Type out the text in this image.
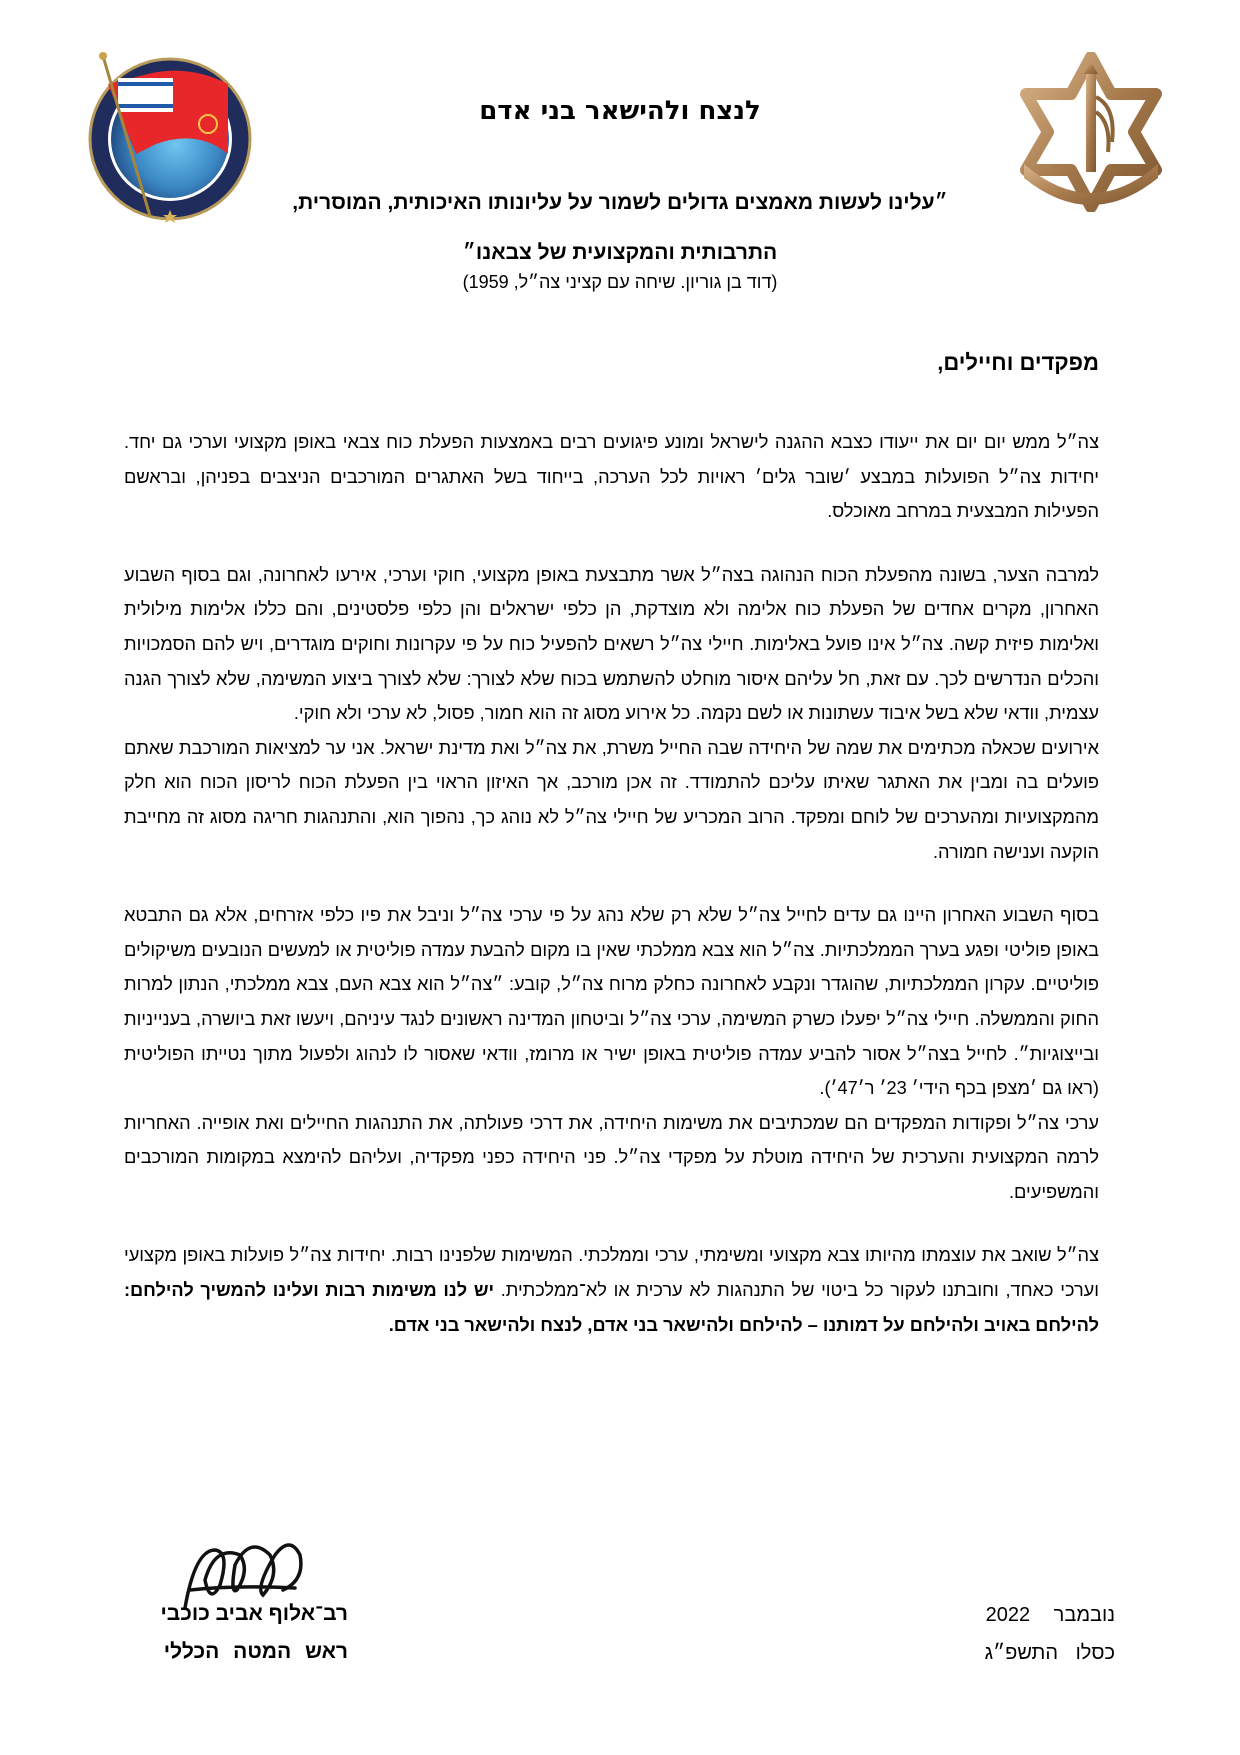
לנצח ולהישאר בני אדם
״עלינו לעשות מאמצים גדולים לשמור על עליונותו האיכותית, המוסרית,
התרבותית והמקצועית של צבאנו״
(דוד בן גוריון. שיחה עם קציני צה״ל, 1959)
מפקדים וחיילים,

צה״ל ממש יום יום את ייעודו כצבא ההגנה לישראל ומונע פיגועים רבים באמצעות הפעלת כוח צבאי באופן מקצועי וערכי גם יחד. יחידות צה״ל הפועלות במבצע ׳שובר גלים׳ ראויות לכל הערכה, בייחוד בשל האתגרים המורכבים הניצבים בפניהן, ובראשם הפעילות המבצעית במרחב מאוכלס.

למרבה הצער, בשונה מהפעלת הכוח הנהוגה בצה״ל אשר מתבצעת באופן מקצועי, חוקי וערכי, אירעו לאחרונה, וגם בסוף השבוע האחרון, מקרים אחדים של הפעלת כוח אלימה ולא מוצדקת, הן כלפי ישראלים והן כלפי פלסטינים, והם כללו אלימות מילולית ואלימות פיזית קשה. צה״ל אינו פועל באלימות. חיילי צה״ל רשאים להפעיל כוח על פי עקרונות וחוקים מוגדרים, ויש להם הסמכויות והכלים הנדרשים לכך. עם זאת, חל עליהם איסור מוחלט להשתמש בכוח שלא לצורך: שלא לצורך ביצוע המשימה, שלא לצורך הגנה עצמית, וודאי שלא בשל איבוד עשתונות או לשם נקמה. כל אירוע מסוג זה הוא חמור, פסול, לא ערכי ולא חוקי.

אירועים שכאלה מכתימים את שמה של היחידה שבה החייל משרת, את צה״ל ואת מדינת ישראל. אני ער למציאות המורכבת שאתם פועלים בה ומבין את האתגר שאיתו עליכם להתמודד. זה אכן מורכב, אך האיזון הראוי בין הפעלת הכוח לריסון הכוח הוא חלק מהמקצועיות ומהערכים של לוחם ומפקד. הרוב המכריע של חיילי צה״ל לא נוהג כך, נהפוך הוא, והתנהגות חריגה מסוג זה מחייבת הוקעה וענישה חמורה.

בסוף השבוע האחרון היינו גם עדים לחייל צה״ל שלא רק שלא נהג על פי ערכי צה״ל וניבל את פיו כלפי אזרחים, אלא גם התבטא באופן פוליטי ופגע בערך הממלכתיות. צה״ל הוא צבא ממלכתי שאין בו מקום להבעת עמדה פוליטית או למעשים הנובעים משיקולים פוליטיים. עקרון הממלכתיות, שהוגדר ונקבע לאחרונה כחלק מרוח צה״ל, קובע: ״צה״ל הוא צבא העם, צבא ממלכתי, הנתון למרות החוק והממשלה. חיילי צה״ל יפעלו כשרק המשימה, ערכי צה״ל וביטחון המדינה ראשונים לנגד עיניהם, ויעשו זאת ביושרה, בענייניות ובייצוגיות״. לחייל בצה״ל אסור להביע עמדה פוליטית באופן ישיר או מרומז, וודאי שאסור לו לנהוג ולפעול מתוך נטייתו הפוליטית (ראו גם ׳מצפן בכף הידי׳ 23׳ ר׳47׳).

ערכי צה״ל ופקודות המפקדים הם שמכתיבים את משימות היחידה, את דרכי פעולתה, את התנהגות החיילים ואת אופייה. האחריות לרמה המקצועית והערכית של היחידה מוטלת על מפקדי צה״ל. פני היחידה כפני מפקדיה, ועליהם להימצא במקומות המורכבים והמשפיעים.

צה״ל שואב את עוצמתו מהיותו צבא מקצועי ומשימתי, ערכי וממלכתי. המשימות שלפנינו רבות. יחידות צה״ל פועלות באופן מקצועי וערכי כאחד, וחובתנו לעקור כל ביטוי של התנהגות לא ערכית או לא־ממלכתית. יש לנו משימות רבות ועלינו להמשיך להילחם: להילחם באויב ולהילחם על דמותנו – להילחם ולהישאר בני אדם, לנצח ולהישאר בני אדם.

רב־אלוף אביב כוכבי
ראש המטה הכללי
נובמבר 2022
כסלו התשפ״ג
